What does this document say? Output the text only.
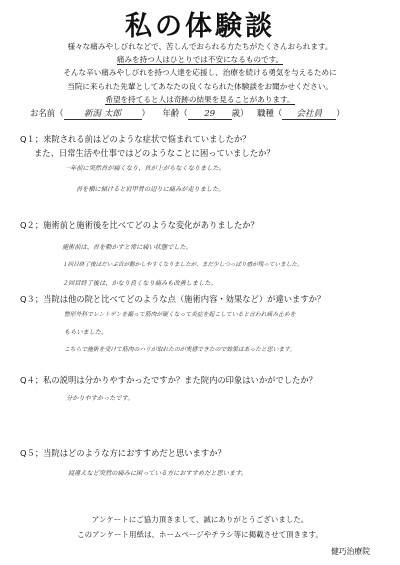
私の体験談
様々な痛みやしびれなどで、苦しんでおられる方たちがたくさんおられます。
痛みを持つ人はひとりでは不安になるものです。
そんな辛い痛みやしびれを持つ人達を応援し、治療を続ける勇気を与えるために
当院に来られた先輩としてあなたの良くなられた体験談をお聞かせください。
希望を持てると人は奇跡の結果を見ることがあります。
お名前（ 新潟 太郎 ） 年齢（ 29 歳） 職種（ 会社員 ）
Q１；来院される前はどのような症状で悩まれていましたか？
また、日常生活や仕事ではどのようなことに困っていましたか？
一年前に突然首が痛くなり、首が上がらなくなりました。
首を横に傾けると肩甲骨の辺りに痛みが走りました。
Q２；施術前と施術後を比べてどのような変化がありましたか？
施術前は、首を動かすと常に痛い状態でした。
１回目終了後はだいぶ首が動かしやすくなりましたが、まだ少しつっぱり感が残っていました。
２回目終了後は、かなり良くなり痛みも改善しました。
Q３；当院は他の院と比べてどのような点（施術内容・効果など）が違いますか？
整形外科でレントゲンを撮って筋肉が硬くなって炎症を起こしていると言われ痛み止めを
もらいました。
こちらで施術を受けて筋肉のハリが取れたのが実感できたので効果はあったと思います。
Q４；私の説明は分かりやすかったですか？また院内の印象はいかがでしたか？
分かりやすかったです。
Q５；当院はどのような方におすすめだと思いますか？
寝違えなど突然の痛みに困っている方におすすめだと思います。
アンケートにご協力頂きまして、誠にありがとうございました。
このアンケート用紙は、ホームページやチラシ等に掲載させて頂きます。
健巧治療院
